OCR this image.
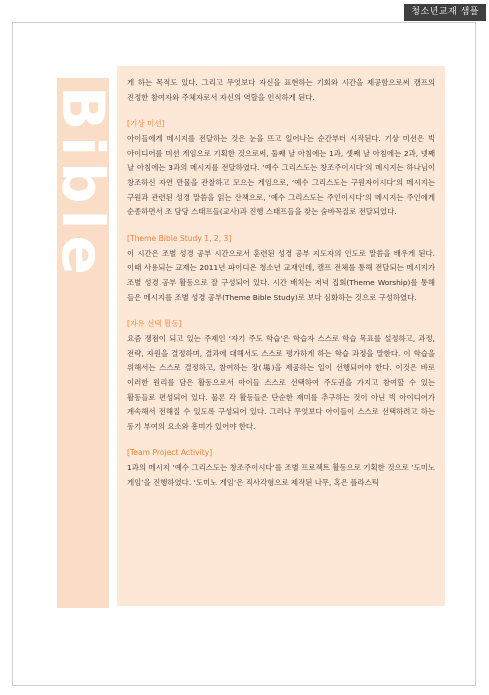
청소년교재 샘플
Bible

게 하는 목적도 있다. 그리고 무엇보다 자신을 표현하는 기회와 시간을 제공함으로써 캠프의 진정한 참여자와 주체자로서 자신의 역할을 인식하게 된다.

[기상 미션]

아이들에게 메시지를 전달하는 것은 눈을 뜨고 일어나는 순간부터 시작된다. 기상 미션은 빅 아이디어를 미션 게임으로 기획한 것으로써, 둘째 날 아침에는 1과, 셋째 날 아침에는 2과, 넷째 날 아침에는 3과의 메시지를 전달하였다. ‘예수 그리스도는 창조주이시다’의 메시지는 하나님이 창조하신 자연 만물을 관찰하고 모으는 게임으로, ‘예수 그리스도는 구원자이시다’의 메시지는 구원과 관련된 성경 말씀을 읽는 산책으로, ‘예수 그리스도는 주인이시다’의 메시지는 주인에게 순종하면서 조 담당 스태프들(교사)과 진행 스태프들을 찾는 숨바꼭질로 전달되었다.

[Theme Bible Study 1, 2, 3]

이 시간은 조별 성경 공부 시간으로서 훈련된 성경 공부 지도자의 인도로 말씀을 배우게 된다. 이때 사용되는 교재는 2011년 파이디온 청소년 교재인데, 캠프 전체를 통해 전달되는 메시지가 조별 성경 공부 활동으로 잘 구성되어 있다. 시간 배치는 저녁 집회(Theme Worship)를 통해 들은 메시지를 조별 성경 공부(Theme Bible Study)로 보다 심화하는 것으로 구성하였다.

[자유 선택 활동]

요즘 쟁점이 되고 있는 주제인 ‘자기 주도 학습’은 학습자 스스로 학습 목표를 설정하고, 과정, 전략, 자원을 결정하며, 결과에 대해서도 스스로 평가하게 하는 학습 과정을 말한다. 이 학습을 위해서는 스스로 결정하고, 참여하는 장(場)을 제공하는 일이 선행되어야 한다. 이것은 바로 이러한 원리를 담은 활동으로서 아이들 스스로 선택하여 주도권을 가지고 참여할 수 있는 활동들로 편성되어 있다. 물론 각 활동들은 단순한 재미를 추구하는 것이 아닌 빅 아이디어가 계속해서 전해질 수 있도록 구성되어 있다. 그러나 무엇보다 아이들이 스스로 선택하려고 하는 동기 부여의 요소와 흥미가 있어야 한다.

[Team Project Activity]

1과의 메시지 ‘예수 그리스도는 창조주이시다’를 조별 프로젝트 활동으로 기획한 것으로 ‘도미노 게임’을 진행하였다. ‘도미노 게임’은 직사각형으로 제작된 나무, 혹은 플라스틱
